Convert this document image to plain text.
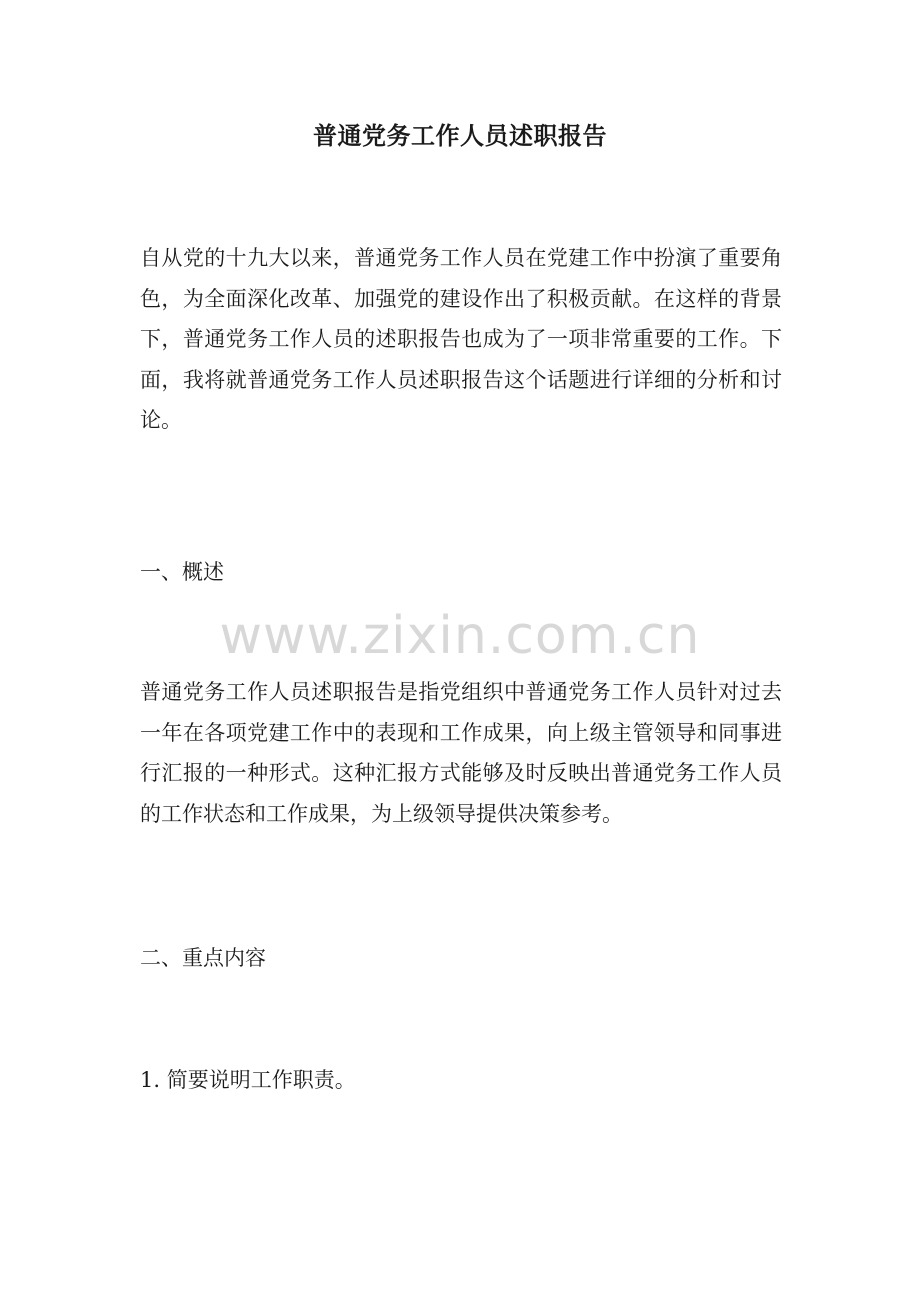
普通党务工作人员述职报告

自从党的十九大以来，普通党务工作人员在党建工作中扮演了重要角色，为全面深化改革、加强党的建设作出了积极贡献。在这样的背景下，普通党务工作人员的述职报告也成为了一项非常重要的工作。下面，我将就普通党务工作人员述职报告这个话题进行详细的分析和讨论。

一、概述

www.zixin.com.cn

普通党务工作人员述职报告是指党组织中普通党务工作人员针对过去一年在各项党建工作中的表现和工作成果，向上级主管领导和同事进行汇报的一种形式。这种汇报方式能够及时反映出普通党务工作人员的工作状态和工作成果，为上级领导提供决策参考。

二、重点内容

1. 简要说明工作职责。
